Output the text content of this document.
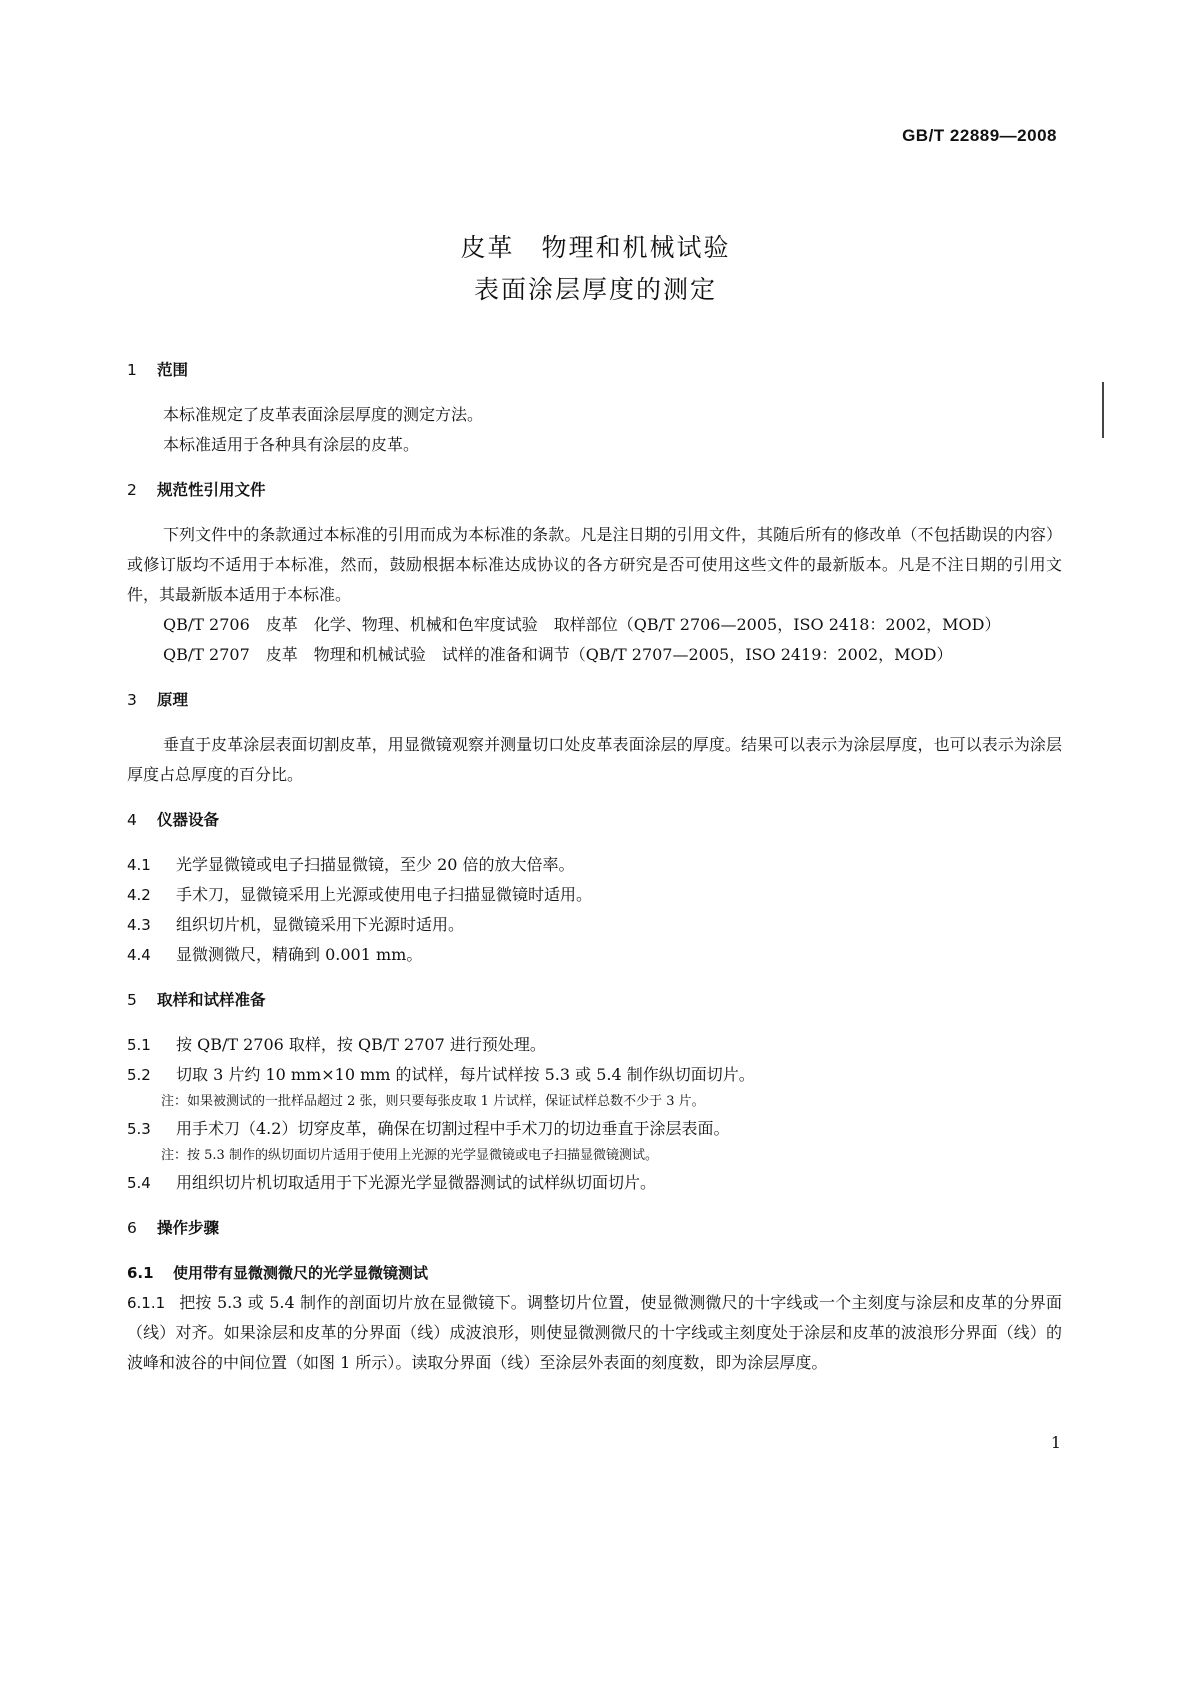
GB/T 22889—2008
皮革　物理和机械试验
表面涂层厚度的测定
1 范围

本标准规定了皮革表面涂层厚度的测定方法。

本标准适用于各种具有涂层的皮革。

2 规范性引用文件

下列文件中的条款通过本标准的引用而成为本标准的条款。凡是注日期的引用文件，其随后所有的修改单（不包括勘误的内容）或修订版均不适用于本标准，然而，鼓励根据本标准达成协议的各方研究是否可使用这些文件的最新版本。凡是不注日期的引用文件，其最新版本适用于本标准。

QB/T 2706　皮革　化学、物理、机械和色牢度试验　取样部位（QB/T 2706—2005，ISO 2418：2002，MOD）

QB/T 2707　皮革　物理和机械试验　试样的准备和调节（QB/T 2707—2005，ISO 2419：2002，MOD）

3 原理

垂直于皮革涂层表面切割皮革，用显微镜观察并测量切口处皮革表面涂层的厚度。结果可以表示为涂层厚度，也可以表示为涂层厚度占总厚度的百分比。

4 仪器设备

4.1 光学显微镜或电子扫描显微镜，至少 20 倍的放大倍率。

4.2 手术刀，显微镜采用上光源或使用电子扫描显微镜时适用。

4.3 组织切片机，显微镜采用下光源时适用。

4.4 显微测微尺，精确到 0.001 mm。

5 取样和试样准备

5.1 按 QB/T 2706 取样，按 QB/T 2707 进行预处理。

5.2 切取 3 片约 10 mm×10 mm 的试样，每片试样按 5.3 或 5.4 制作纵切面切片。

注：如果被测试的一批样品超过 2 张，则只要每张皮取 1 片试样，保证试样总数不少于 3 片。

5.3 用手术刀（4.2）切穿皮革，确保在切割过程中手术刀的切边垂直于涂层表面。

注：按 5.3 制作的纵切面切片适用于使用上光源的光学显微镜或电子扫描显微镜测试。

5.4 用组织切片机切取适用于下光源光学显微器测试的试样纵切面切片。

6 操作步骤

6.1 使用带有显微测微尺的光学显微镜测试

6.1.1 把按 5.3 或 5.4 制作的剖面切片放在显微镜下。调整切片位置，使显微测微尺的十字线或一个主刻度与涂层和皮革的分界面（线）对齐。如果涂层和皮革的分界面（线）成波浪形，则使显微测微尺的十字线或主刻度处于涂层和皮革的波浪形分界面（线）的波峰和波谷的中间位置（如图 1 所示）。读取分界面（线）至涂层外表面的刻度数，即为涂层厚度。

1
